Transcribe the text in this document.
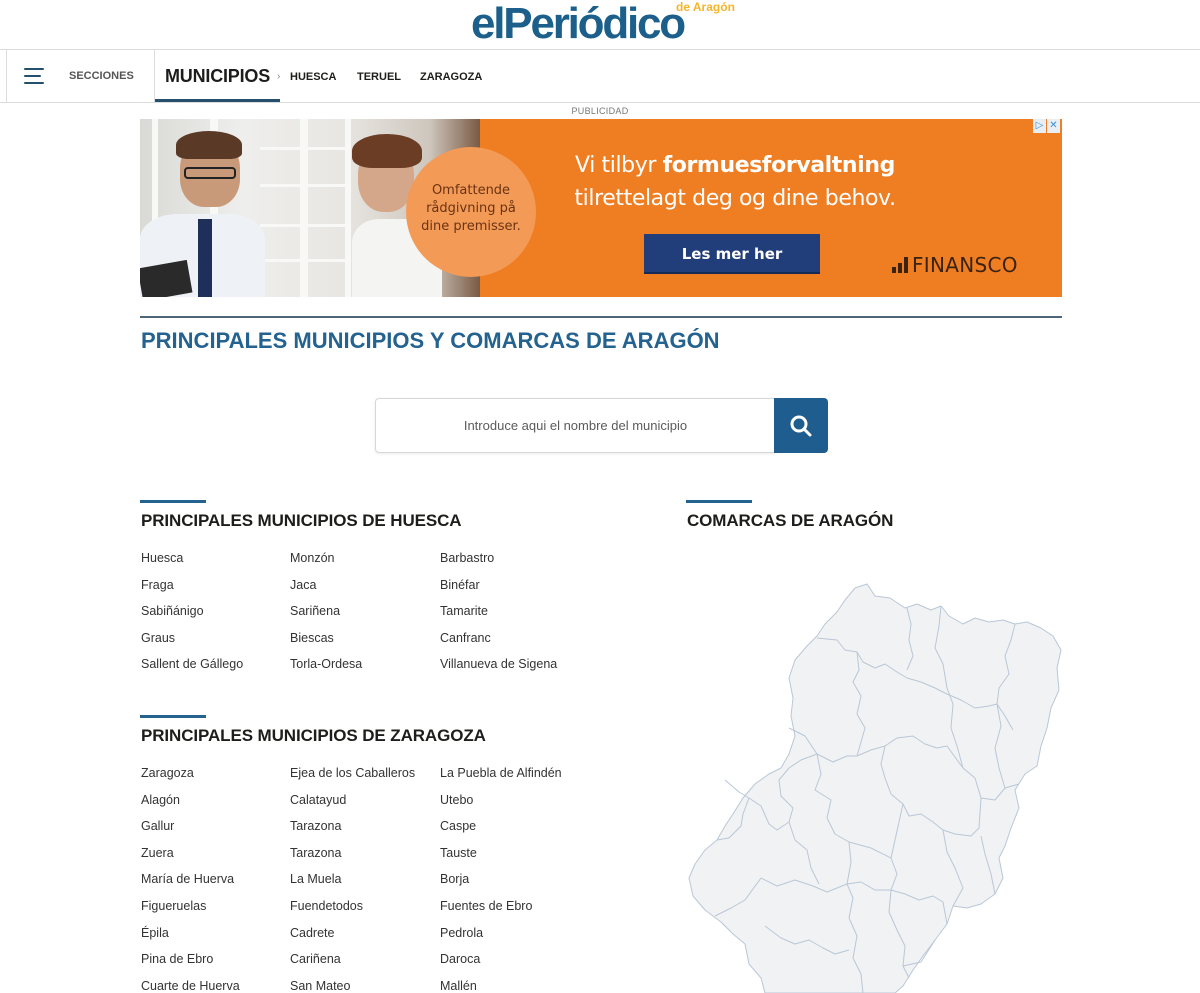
elPeriódico
de Aragón
SECCIONES MUNICIPIOS › HUESCA TERUEL ZARAGOZA
PUBLICIDAD
Omfattende
rådgivning på
dine premisser.
Vi tilbyr formuesforvaltning
tilrettelagt deg og dine behov.
Les mer her	FINANSCO
▷ ✕
PRINCIPALES MUNICIPIOS Y COMARCAS DE ARAGÓN
Introduce aqui el nombre del municipio
PRINCIPALES MUNICIPIOS DE HUESCA
Huesca	Monzón	Barbastro
Fraga	Jaca	Binéfar
Sabiñánigo	Sariñena	Tamarite
Graus	Biescas	Canfranc
Sallent de Gállego	Torla-Ordesa	Villanueva de Sigena
PRINCIPALES MUNICIPIOS DE ZARAGOZA
Zaragoza	Ejea de los Caballeros	La Puebla de Alfindén
Alagón	Calatayud	Utebo
Gallur	Tarazona	Caspe
Zuera	Tarazona	Tauste
María de Huerva	La Muela	Borja
Figueruelas	Fuendetodos	Fuentes de Ebro
Épila	Cadrete	Pedrola
Pina de Ebro	Cariñena	Daroca
Cuarte de Huerva	San Mateo	Mallén
COMARCAS DE ARAGÓN
